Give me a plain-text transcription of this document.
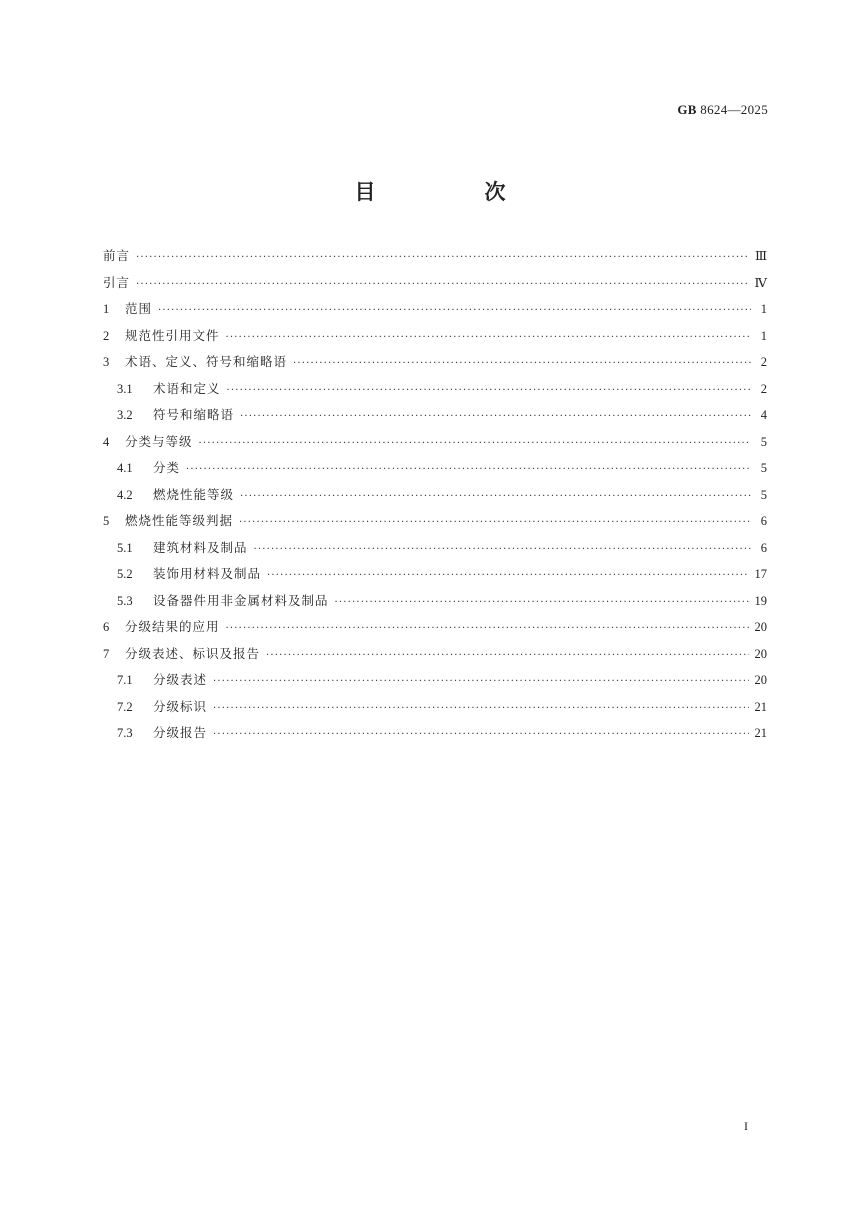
GB 8624—2025
目　次
前言 ·····	Ⅲ
引言 ·····	Ⅳ
1	范围 ·····	1
2	规范性引用文件 ·····	1
3	术语、定义、符号和缩略语 ·····	2
3.1	术语和定义 ·····	2
3.2	符号和缩略语 ·····	4
4	分类与等级 ·····	5
4.1	分类 ·····	5
4.2	燃烧性能等级 ·····	5
5	燃烧性能等级判据 ·····	6
5.1	建筑材料及制品 ·····	6
5.2	装饰用材料及制品 ·····	17
5.3	设备器件用非金属材料及制品 ·····	19
6	分级结果的应用 ·····	20
7	分级表述、标识及报告 ·····	20
7.1	分级表述 ·····	20
7.2	分级标识 ·····	21
7.3	分级报告 ·····	21
I
